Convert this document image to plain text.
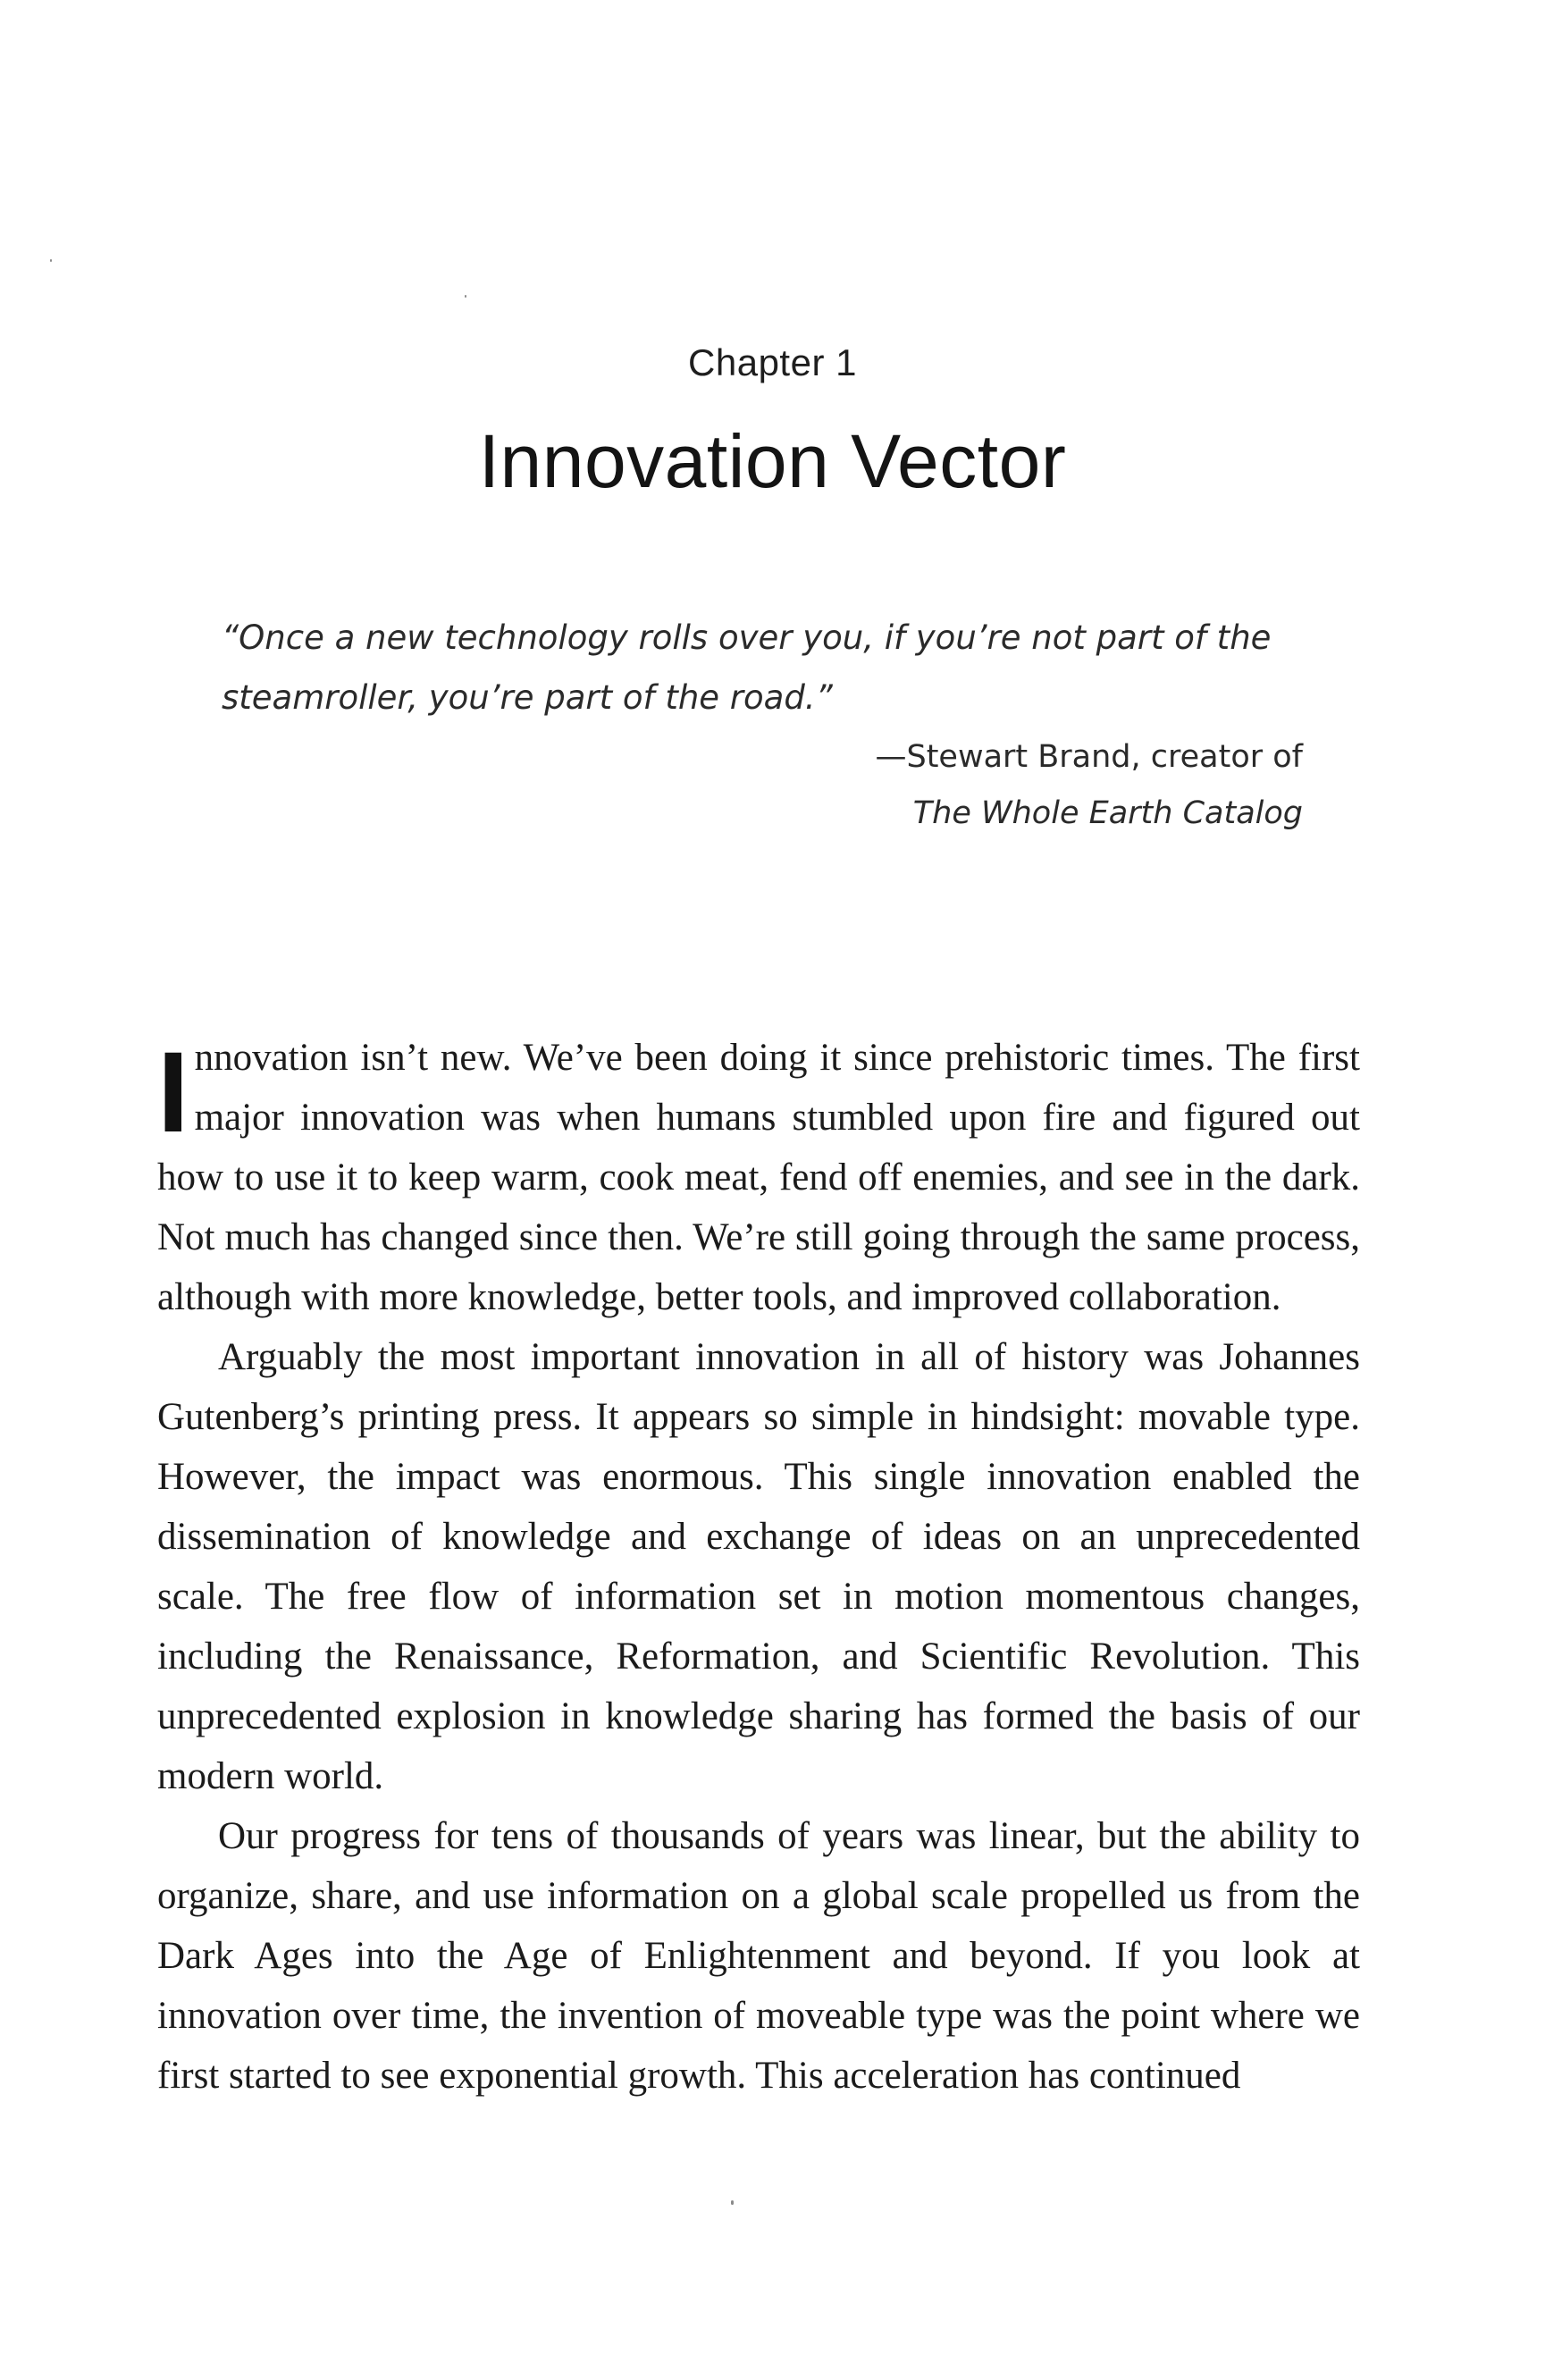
Chapter 1
Innovation Vector

“Once a new technology rolls over you, if you’re not part of the steamroller, you’re part of the road.”

—Stewart Brand, creator of
The Whole Earth Catalog

Innovation isn’t new. We’ve been doing it since prehistoric times. The first major innovation was when humans stumbled upon fire and figured out how to use it to keep warm, cook meat, fend off enemies, and see in the dark. Not much has changed since then. We’re still going through the same process, although with more knowledge, better tools, and improved collaboration.

Arguably the most important innovation in all of history was Johannes Gutenberg’s printing press. It appears so simple in hindsight: movable type. However, the impact was enormous. This single innovation enabled the dissemination of knowledge and exchange of ideas on an unprecedented scale. The free flow of information set in motion momentous changes, including the Renaissance, Reformation, and Scientific Revolution. This unprecedented explosion in knowledge sharing has formed the basis of our modern world.

Our progress for tens of thousands of years was linear, but the ability to organize, share, and use information on a global scale propelled us from the Dark Ages into the Age of Enlightenment and beyond. If you look at innovation over time, the invention of moveable type was the point where we first started to see exponential growth. This acceleration has continued
